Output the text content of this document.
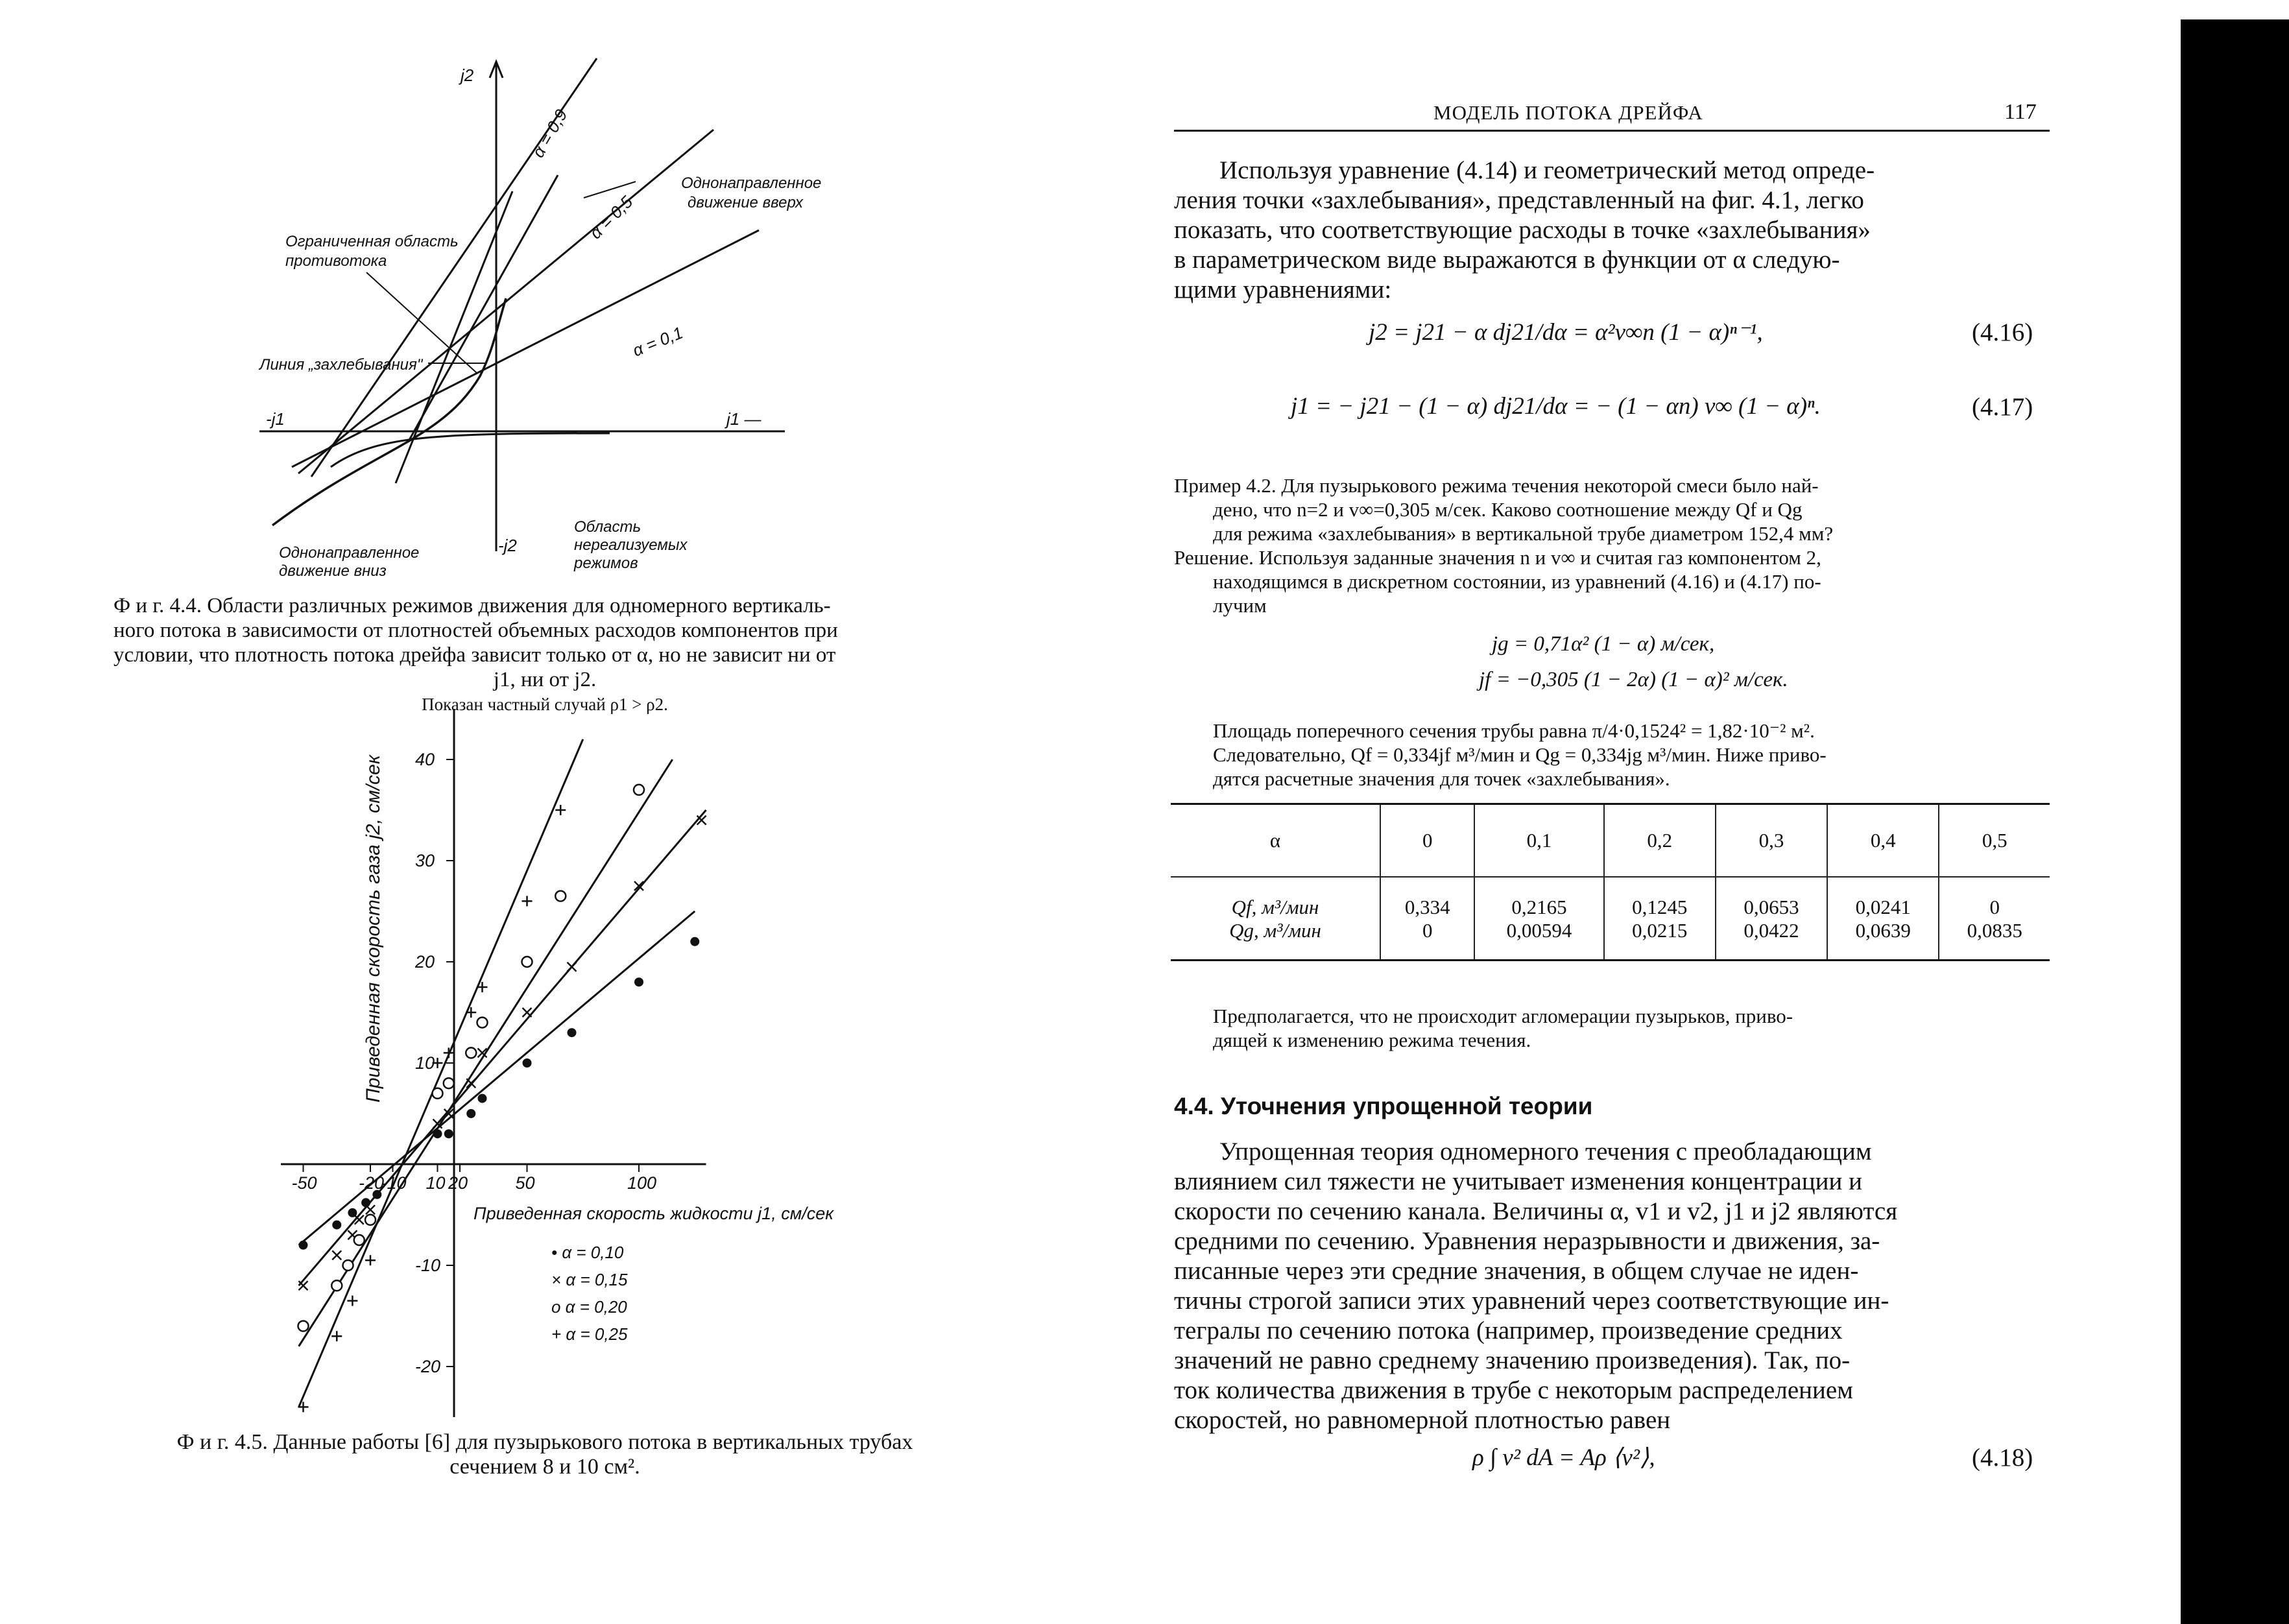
j2
j1 —
-j1
-j2
α = 0,9
α = 0,5
α = 0,1
Однонаправленное
движение вверх
Ограниченная область
противотока
Линия „захлебывания"
Однонаправленное
движение вниз
Область
нереализуемых
режимов
Ф и г. 4.4. Области различных режимов движения для одномерного вертикаль-
ного потока в зависимости от плотностей объемных расходов компонентов при
условии, что плотность потока дрейфа зависит только от α, но не зависит ни от
j1, ни от j2.
Показан частный случай ρ1 > ρ2.
-50 -20
-10 10 20	50	100
40
30
20
10
-10
-20
Приведенная скорость жидкости j1, см/сек
Приведенная скорость газа j2, см/сек
• α = 0,10
× α = 0,15
o α = 0,20
+ α = 0,25
Ф и г. 4.5. Данные работы [6] для пузырькового потока в вертикальных трубах
сечением 8 и 10 см².
МОДЕЛЬ ПОТОКА ДРЕЙФА	117
Используя уравнение (4.14) и геометрический метод опреде-
ления точки «захлебывания», представленный на фиг. 4.1, легко
показать, что соответствующие расходы в точке «захлебывания»
в параметрическом виде выражаются в функции от α следую-
щими уравнениями:
j2 = j21 − α dj21/dα = α²v∞n (1 − α)ⁿ⁻¹,	(4.16)
j1 = − j21 − (1 − α) dj21/dα = − (1 − αn) v∞ (1 − α)ⁿ.	(4.17)
Пример 4.2. Для пузырькового режима течения некоторой смеси было най-
дено, что n=2 и v∞=0,305 м/сек. Каково соотношение между Qf и Qg
для режима «захлебывания» в вертикальной трубе диаметром 152,4 мм?
Решение. Используя заданные значения n и v∞ и считая газ компонентом 2,
находящимся в дискретном состоянии, из уравнений (4.16) и (4.17) по-
лучим
jg = 0,71α² (1 − α) м/сек,
jf = −0,305 (1 − 2α) (1 − α)² м/сек.
Площадь поперечного сечения трубы равна π/4·0,1524² = 1,82·10⁻² м².
Следовательно, Qf = 0,334jf м³/мин и Qg = 0,334jg м³/мин. Ниже приво-
дятся расчетные значения для точек «захлебывания».
α	0	0,1	0,2	0,3	0,4	0,5
Qf, м³/мин	0,334	0,2165	0,1245	0,0653	0,0241	0
Qg, м³/мин	0	0,00594	0,0215	0,0422	0,0639	0,0835
Предполагается, что не происходит агломерации пузырьков, приво-
дящей к изменению режима течения.
4.4. Уточнения упрощенной теории
Упрощенная теория одномерного течения с преобладающим
влиянием сил тяжести не учитывает изменения концентрации и
скорости по сечению канала. Величины α, v1 и v2, j1 и j2 являются
средними по сечению. Уравнения неразрывности и движения, за-
писанные через эти средние значения, в общем случае не иден-
тичны строгой записи этих уравнений через соответствующие ин-
тегралы по сечению потока (например, произведение средних
значений не равно среднему значению произведения). Так, по-
ток количества движения в трубе с некоторым распределением
скоростей, но равномерной плотностью равен
ρ ∫ v² dA = Aρ ⟨v²⟩,	(4.18)
